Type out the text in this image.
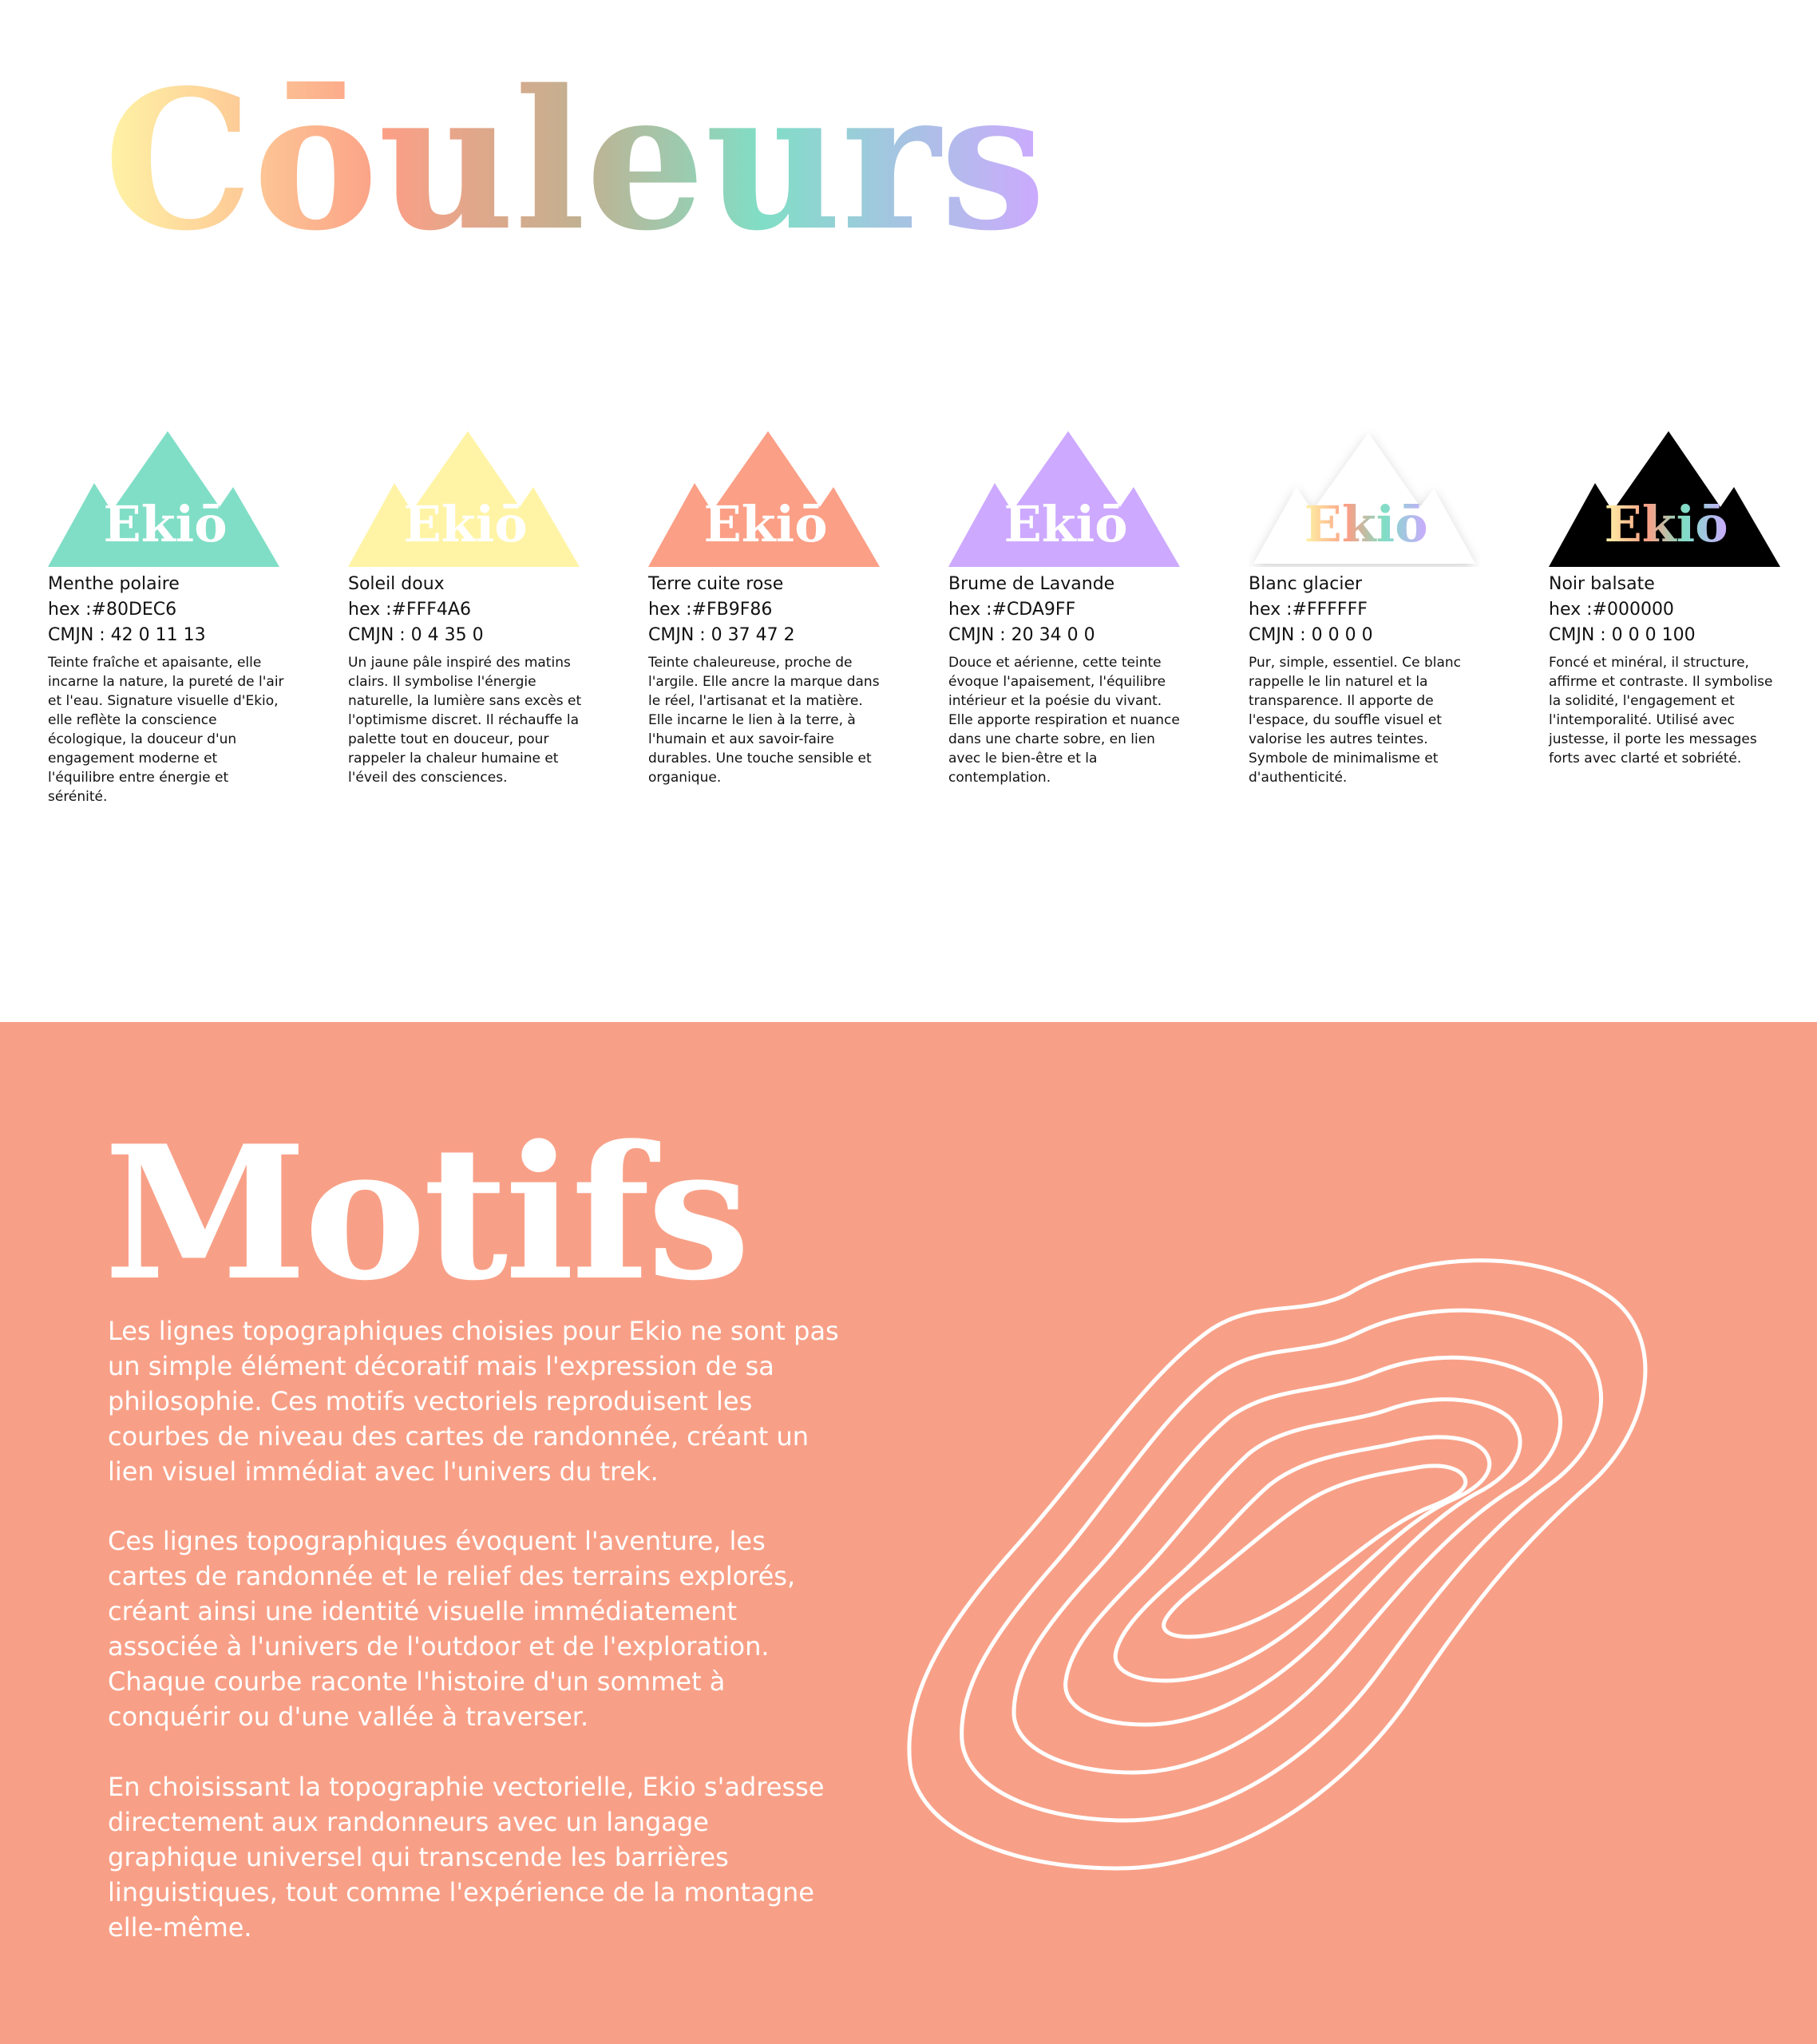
Cōuleurs
Ekiō
Menthe polaire
hex :#80DEC6
CMJN : 42 0 11 13
Teinte fraîche et apaisante, elle incarne la nature, la pureté de l'air et l'eau. Signature visuelle d'Ekio, elle reflète la conscience écologique, la douceur d'un engagement moderne et l'équilibre entre énergie et sérénité.
Ekiō
Soleil doux
hex :#FFF4A6
CMJN : 0 4 35 0
Un jaune pâle inspiré des matins clairs. Il symbolise l'énergie naturelle, la lumière sans excès et l'optimisme discret. Il réchauffe la palette tout en douceur, pour rappeler la chaleur humaine et l'éveil des consciences.
Ekiō
Terre cuite rose
hex :#FB9F86
CMJN : 0 37 47 2
Teinte chaleureuse, proche de l'argile. Elle ancre la marque dans le réel, l'artisanat et la matière. Elle incarne le lien à la terre, à l'humain et aux savoir-faire durables. Une touche sensible et organique.
Ekiō
Brume de Lavande
hex :#CDA9FF
CMJN : 20 34 0 0
Douce et aérienne, cette teinte évoque l'apaisement, l'équilibre intérieur et la poésie du vivant. Elle apporte respiration et nuance dans une charte sobre, en lien avec le bien-être et la contemplation.
Ekiō
Blanc glacier
hex :#FFFFFF
CMJN : 0 0 0 0
Pur, simple, essentiel. Ce blanc rappelle le lin naturel et la transparence. Il apporte de l'espace, du souffle visuel et valorise les autres teintes. Symbole de minimalisme et d'authenticité.
Ekiō
Noir balsate
hex :#000000
CMJN : 0 0 0 100
Foncé et minéral, il structure, affirme et contraste. Il symbolise la solidité, l'engagement et l'intemporalité. Utilisé avec justesse, il porte les messages forts avec clarté et sobriété.
Motifs

Les lignes topographiques choisies pour Ekio ne sont pas un simple élément décoratif mais l'expression de sa philosophie. Ces motifs vectoriels reproduisent les courbes de niveau des cartes de randonnée, créant un lien visuel immédiat avec l'univers du trek.

Ces lignes topographiques évoquent l'aventure, les cartes de randonnée et le relief des terrains explorés, créant ainsi une identité visuelle immédiatement associée à l'univers de l'outdoor et de l'exploration. Chaque courbe raconte l'histoire d'un sommet à conquérir ou d'une vallée à traverser.

En choisissant la topographie vectorielle, Ekio s'adresse directement aux randonneurs avec un langage graphique universel qui transcende les barrières linguistiques, tout comme l'expérience de la montagne elle-même.
